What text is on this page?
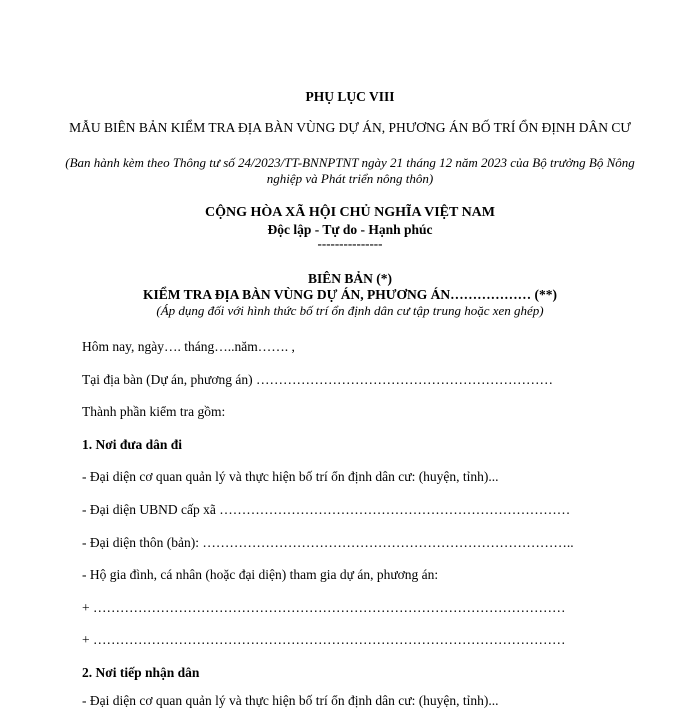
PHỤ LỤC VIII
MẪU BIÊN BẢN KIỂM TRA ĐỊA BÀN VÙNG DỰ ÁN, PHƯƠNG ÁN BỐ TRÍ ỔN ĐỊNH DÂN CƯ
(Ban hành kèm theo Thông tư số 24/2023/TT-BNNPTNT ngày 21 tháng 12 năm 2023 của Bộ trưởng Bộ Nông nghiệp và Phát triển nông thôn)
CỘNG HÒA XÃ HỘI CHỦ NGHĨA VIỆT NAM
Độc lập - Tự do - Hạnh phúc
---------------
BIÊN BẢN (*)
KIỂM TRA ĐỊA BÀN VÙNG DỰ ÁN, PHƯƠNG ÁN……………… (**)
(Áp dụng đối với hình thức bố trí ổn định dân cư tập trung hoặc xen ghép)
Hôm nay, ngày…. tháng…..năm……. ,
Tại địa bàn (Dự án, phương án) …………………………………………………………
Thành phần kiểm tra gồm:
1. Nơi đưa dân đi
- Đại diện cơ quan quản lý và thực hiện bố trí ổn định dân cư: (huyện, tỉnh)...
- Đại diện UBND cấp xã ……………………………………………………………………
- Đại diện thôn (bản): ………………………………………………………………………..
- Hộ gia đình, cá nhân (hoặc đại diện) tham gia dự án, phương án:
+ ……………………………………………………………………………………………
+ ……………………………………………………………………………………………
2. Nơi tiếp nhận dân
- Đại diện cơ quan quản lý và thực hiện bố trí ổn định dân cư: (huyện, tỉnh)...
